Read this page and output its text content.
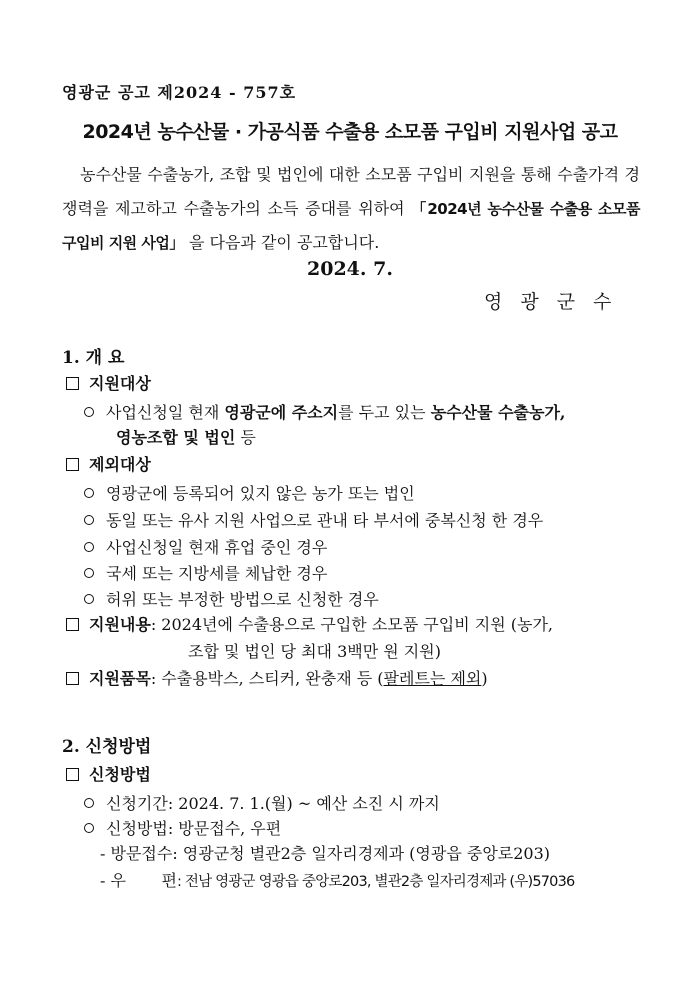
영광군 공고 제2024 - 757호
2024년 농수산물 · 가공식품 수출용 소모품 구입비 지원사업 공고
농수산물 수출농가, 조합 및 법인에 대한 소모품 구입비 지원을 통해 수출가격 경쟁력을 제고하고 수출농가의 소득 증대를 위하여 「2024년 농수산물 수출용 소모품 구입비 지원 사업」 을 다음과 같이 공고합니다.
2024. 7.
영광군수
1. 개 요
지원대상
사업신청일 현재 영광군에 주소지를 두고 있는 농수산물 수출농가,
영농조합 및 법인 등
제외대상
영광군에 등록되어 있지 않은 농가 또는 법인
동일 또는 유사 지원 사업으로 관내 타 부서에 중복신청 한 경우
사업신청일 현재 휴업 중인 경우
국세 또는 지방세를 체납한 경우
허위 또는 부정한 방법으로 신청한 경우
지원내용: 2024년에 수출용으로 구입한 소모품 구입비 지원 (농가,
조합 및 법인 당 최대 3백만 원 지원)
지원품목: 수출용박스, 스티커, 완충재 등 (팔레트는 제외)
2. 신청방법
신청방법
신청기간: 2024. 7. 1.(월) ~ 예산 소진 시 까지
신청방법: 방문접수, 우편
- 방문접수: 영광군청 별관2층 일자리경제과 (영광읍 중앙로203)
- 우       편: 전남 영광군 영광읍 중앙로203, 별관2층 일자리경제과 (우)57036
